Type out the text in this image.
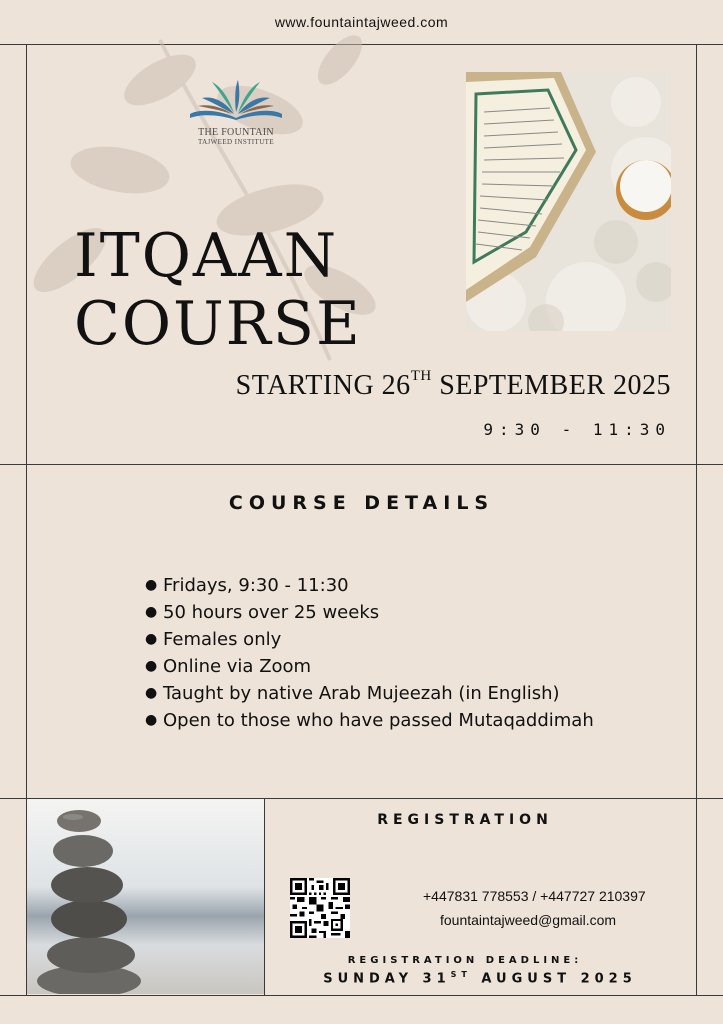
www.fountaintajweed.com
THE FOUNTAIN
TAJWEED INSTITUTE
ITQAAN
COURSE
STARTING 26TH SEPTEMBER 2025
9:30 - 11:30
COURSE DETAILS
● Fridays, 9:30 - 11:30
● 50 hours over 25 weeks
● Females only
● Online via Zoom
● Taught by native Arab Mujeezah (in English)
● Open to those who have passed Mutaqaddimah
REGISTRATION
+447831 778553 / +447727 210397
fountaintajweed@gmail.com
REGISTRATION DEADLINE:
SUNDAY 31ST AUGUST 2025
